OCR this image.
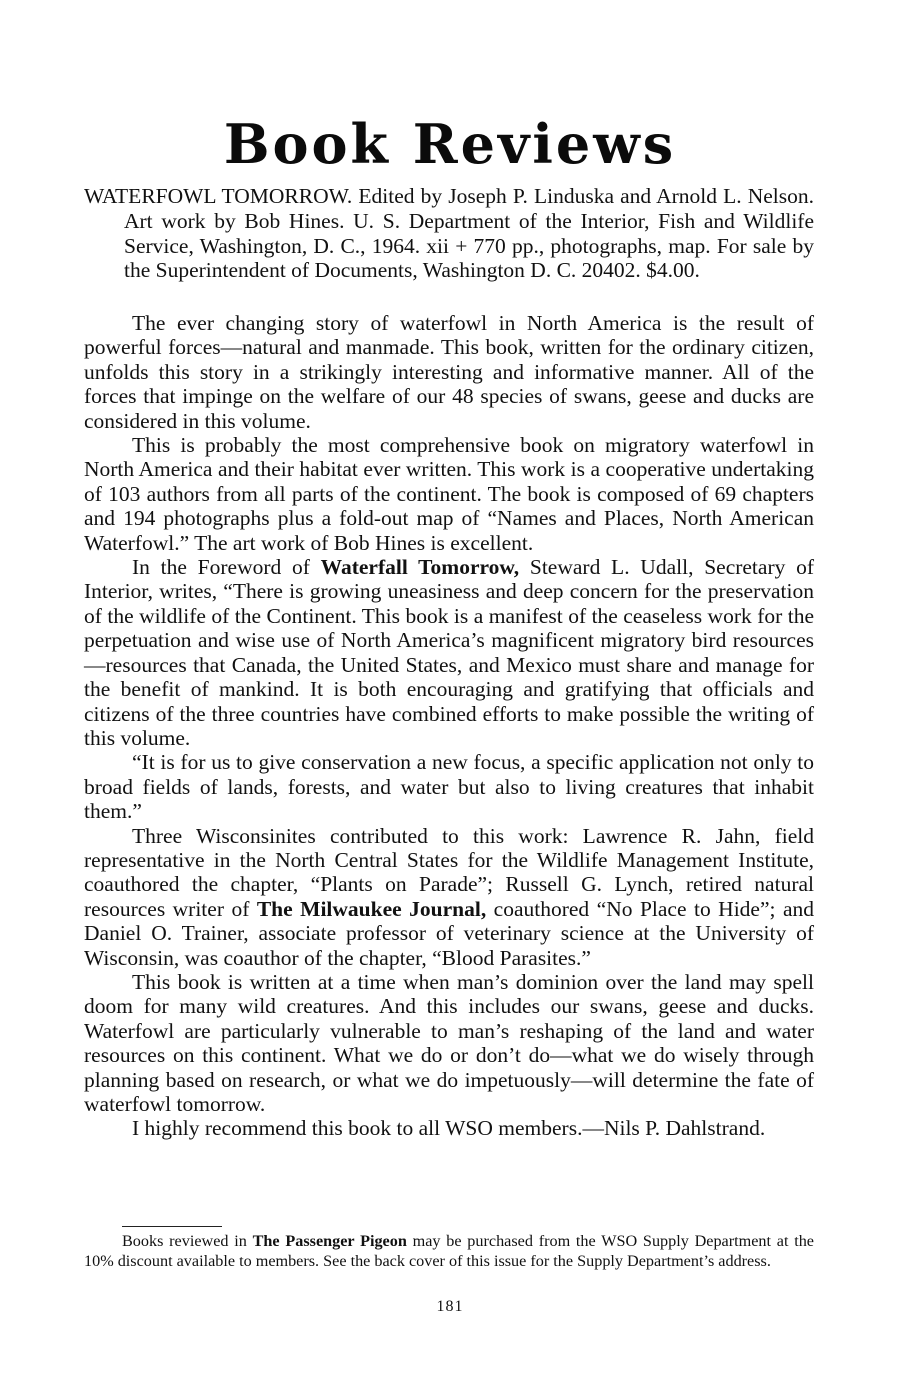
Book Reviews
WATERFOWL TOMORROW. Edited by Joseph P. Linduska and Arnold L. Nelson. Art work by Bob Hines. U. S. Department of the Interior, Fish and Wildlife Service, Washington, D. C., 1964. xii + 770 pp., photographs, map. For sale by the Superintendent of Documents, Washington D. C. 20402. $4.00.

The ever changing story of waterfowl in North America is the result of powerful forces—natural and manmade. This book, written for the ordinary citizen, unfolds this story in a strikingly interesting and informative manner. All of the forces that impinge on the welfare of our 48 species of swans, geese and ducks are considered in this volume.

This is probably the most comprehensive book on migratory waterfowl in North America and their habitat ever written. This work is a cooperative undertaking of 103 authors from all parts of the continent. The book is composed of 69 chapters and 194 photographs plus a fold-out map of “Names and Places, North American Waterfowl.” The art work of Bob Hines is excellent.

In the Foreword of Waterfall Tomorrow, Steward L. Udall, Secretary of Interior, writes, “There is growing uneasiness and deep concern for the preservation of the wildlife of the Continent. This book is a manifest of the ceaseless work for the perpetuation and wise use of North America’s magnificent migratory bird resources—resources that Canada, the United States, and Mexico must share and manage for the benefit of mankind. It is both encouraging and gratifying that officials and citizens of the three countries have combined efforts to make possible the writing of this volume.

“It is for us to give conservation a new focus, a specific application not only to broad fields of lands, forests, and water but also to living creatures that inhabit them.”

Three Wisconsinites contributed to this work: Lawrence R. Jahn, field representative in the North Central States for the Wildlife Management Institute, coauthored the chapter, “Plants on Parade”; Russell G. Lynch, retired natural resources writer of The Milwaukee Journal, coauthored “No Place to Hide”; and Daniel O. Trainer, associate professor of veterinary science at the University of Wisconsin, was coauthor of the chapter, “Blood Parasites.”

This book is written at a time when man’s dominion over the land may spell doom for many wild creatures. And this includes our swans, geese and ducks. Waterfowl are particularly vulnerable to man’s reshaping of the land and water resources on this continent. What we do or don’t do—what we do wisely through planning based on research, or what we do impetuously—will determine the fate of waterfowl tomorrow.

I highly recommend this book to all WSO members.—Nils P. Dahlstrand.

Books reviewed in The Passenger Pigeon may be purchased from the WSO Supply Department at the 10% discount available to members. See the back cover of this issue for the Supply Department’s address.
181
